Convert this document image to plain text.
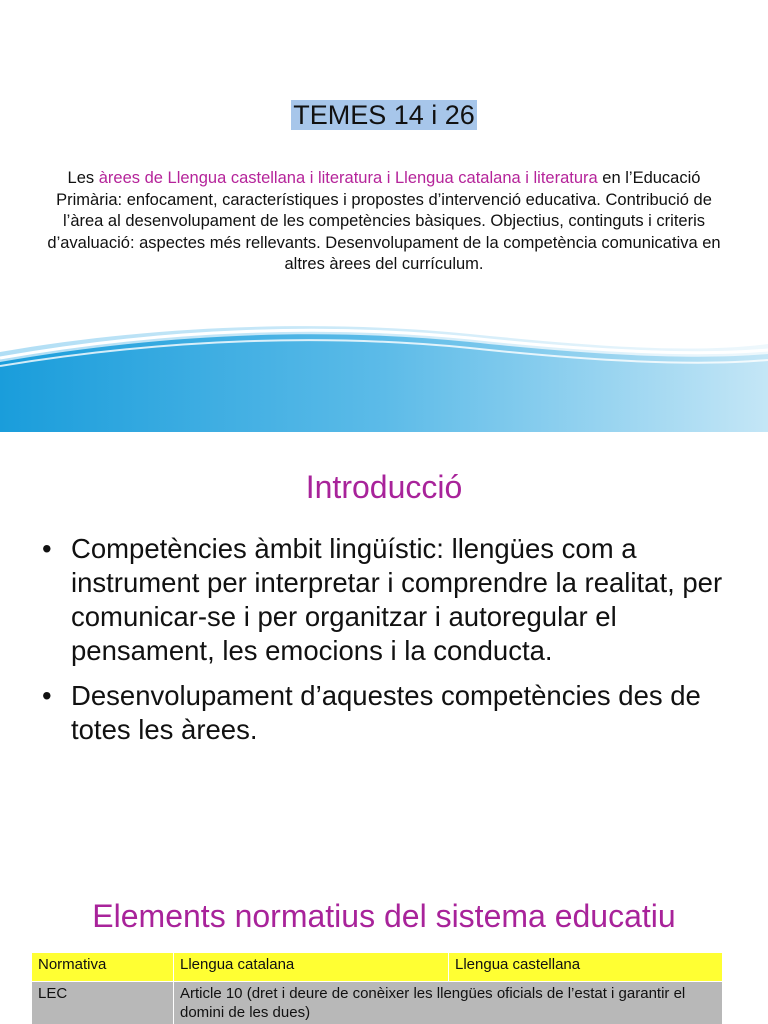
TEMES 14 i 26
Les àrees de Llengua castellana i literatura i Llengua catalana i literatura en l’Educació Primària: enfocament, característiques i propostes d’intervenció educativa. Contribució de l’àrea al desenvolupament de les competències bàsiques. Objectius, continguts i criteris d’avaluació: aspectes més rellevants. Desenvolupament de la competència comunicativa en altres àrees del currículum.
Introducció
• Competències àmbit lingüístic: llengües com a instrument per interpretar i comprendre la realitat, per comunicar-se i per organitzar i autoregular el pensament, les emocions i la conducta.
• Desenvolupament d’aquestes competències des de totes les àrees.
Elements normatius del sistema educatiu
Normativa	Llengua catalana	Llengua castellana
LEC	Article 10 (dret i deure de conèixer les llengües oficials de l’estat i garantir el domini de les dues)	
